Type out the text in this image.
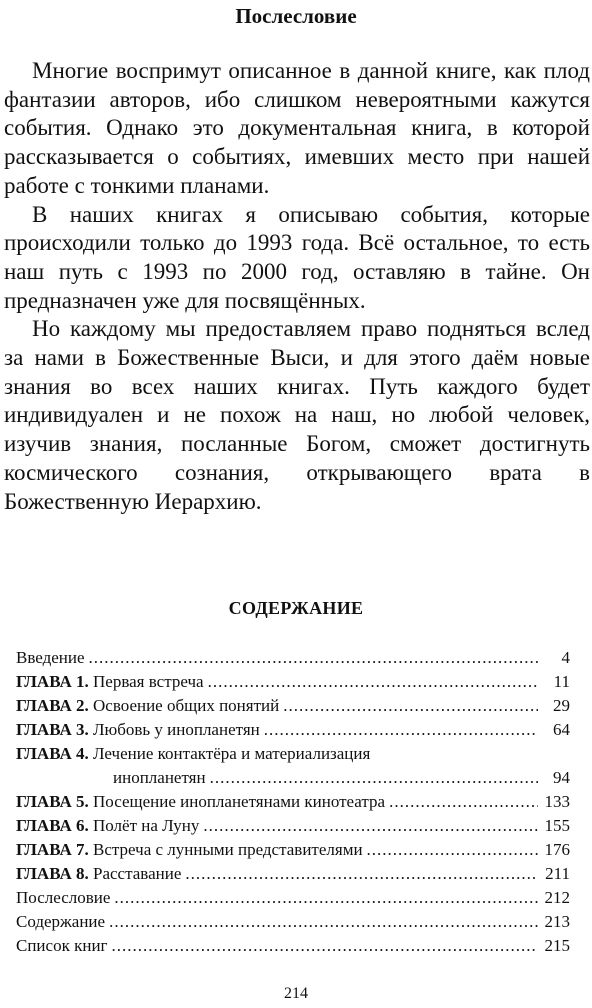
Послесловие

Многие воспримут описанное в данной книге, как плод фантазии авторов, ибо слишком невероятными кажутся события. Однако это документальная книга, в которой рассказывается о событиях, имевших место при нашей работе с тонкими планами.

В наших книгах я описываю события, которые происходили только до 1993 года. Всё остальное, то есть наш путь с 1993 по 2000 год, оставляю в тайне. Он предназначен уже для посвящённых.

Но каждому мы предоставляем право подняться вслед за нами в Божественные Выси, и для этого даём новые знания во всех наших книгах. Путь каждого будет индивидуален и не похож на наш, но любой человек, изучив знания, посланные Богом, сможет достигнуть космического сознания, открывающего врата в Божественную Иерархию.

СОДЕРЖАНИЕ
Введение .....	4
ГЛАВА 1. Первая встреча .....	11
ГЛАВА 2. Освоение общих понятий .....	29
ГЛАВА 3. Любовь у инопланетян .....	64
ГЛАВА 4. Лечение контактёра и материализация
инопланетян .....	94
ГЛАВА 5. Посещение инопланетянами кинотеатра .....	133
ГЛАВА 6. Полёт на Луну .....	155
ГЛАВА 7. Встреча с лунными представителями .....	176
ГЛАВА 8. Расставание .....	211
Послесловие .....	212
Содержание .....	213
Список книг .....	215
214
